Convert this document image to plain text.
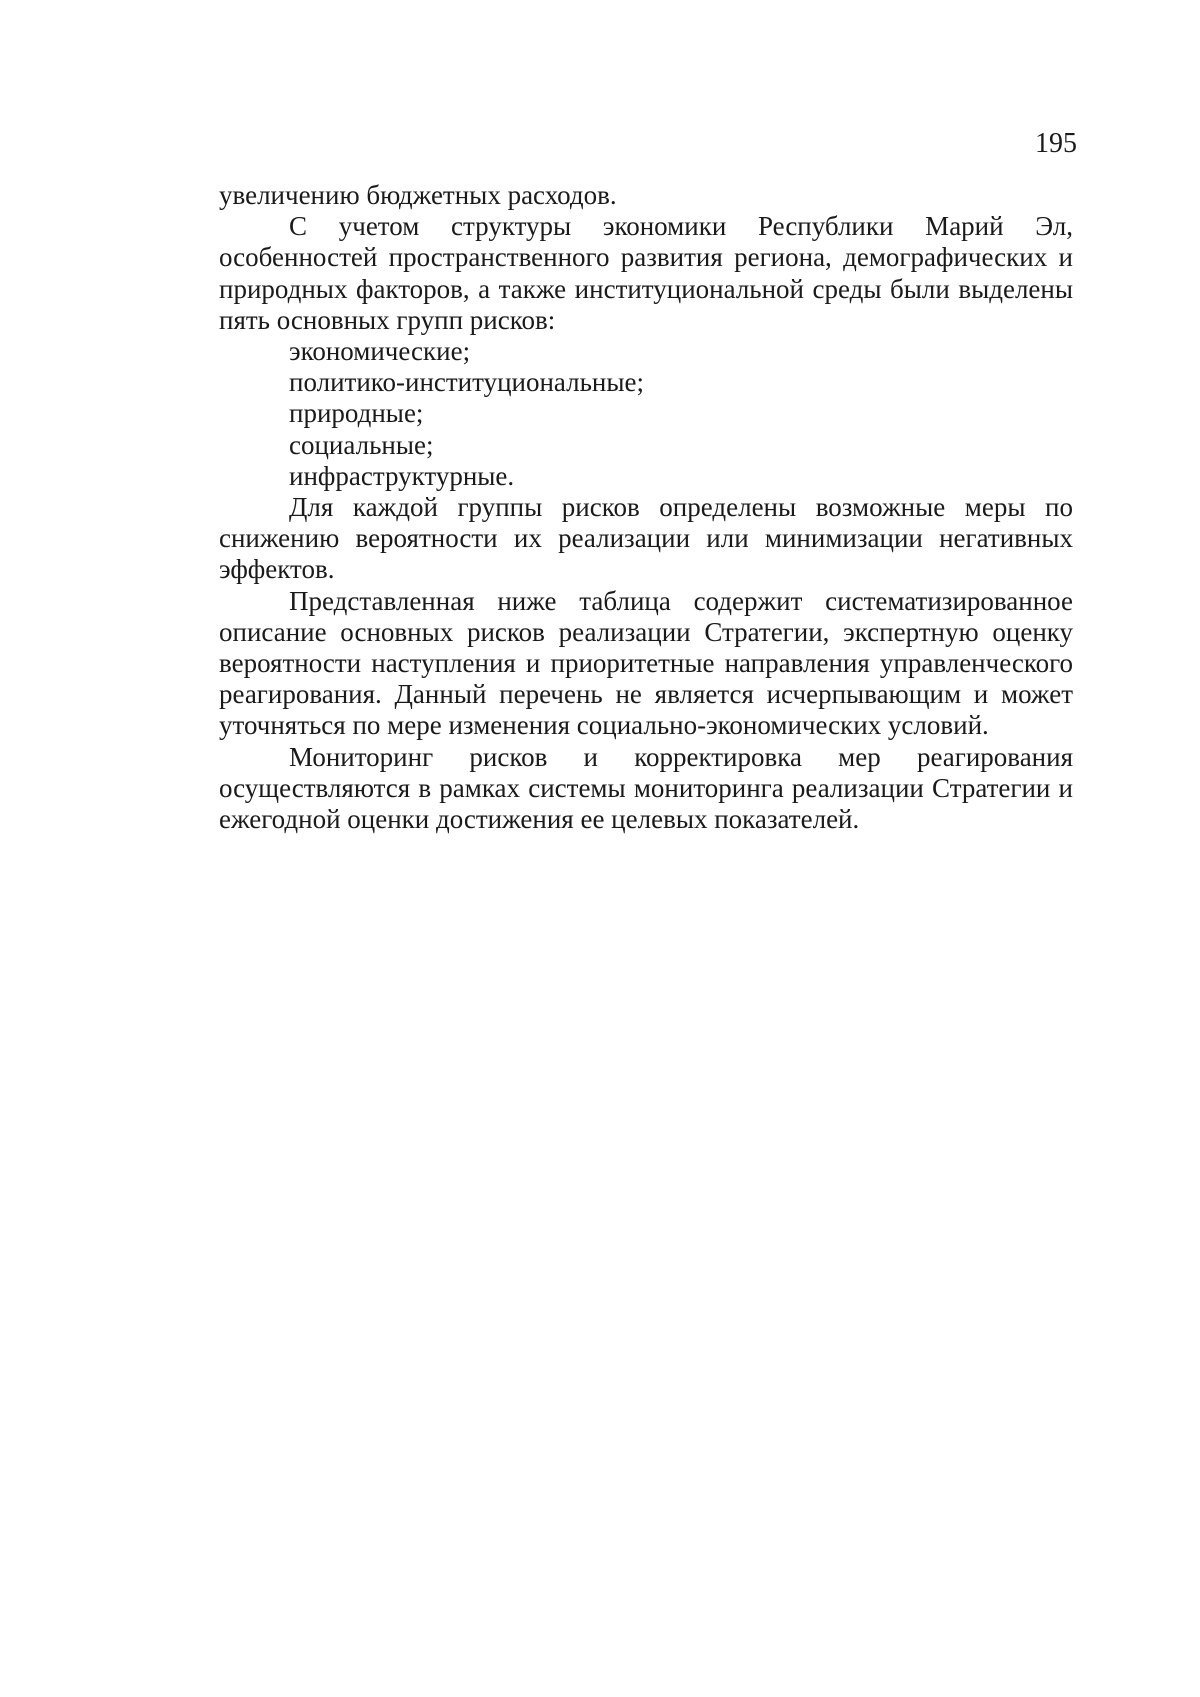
195

увеличению бюджетных расходов.

С учетом структуры экономики Республики Марий Эл, особенностей пространственного развития региона, демографических и природных факторов, а также институциональной среды были выделены пять основных групп рисков:

экономические;

политико-институциональные;

природные;

социальные;

инфраструктурные.

Для каждой группы рисков определены возможные меры по снижению вероятности их реализации или минимизации негативных эффектов.

Представленная ниже таблица содержит систематизированное описание основных рисков реализации Стратегии, экспертную оценку вероятности наступления и приоритетные направления управленческого реагирования. Данный перечень не является исчерпывающим и может уточняться по мере изменения социально-экономических условий.

Мониторинг рисков и корректировка мер реагирования осуществляются в рамках системы мониторинга реализации Стратегии и ежегодной оценки достижения ее целевых показателей.
